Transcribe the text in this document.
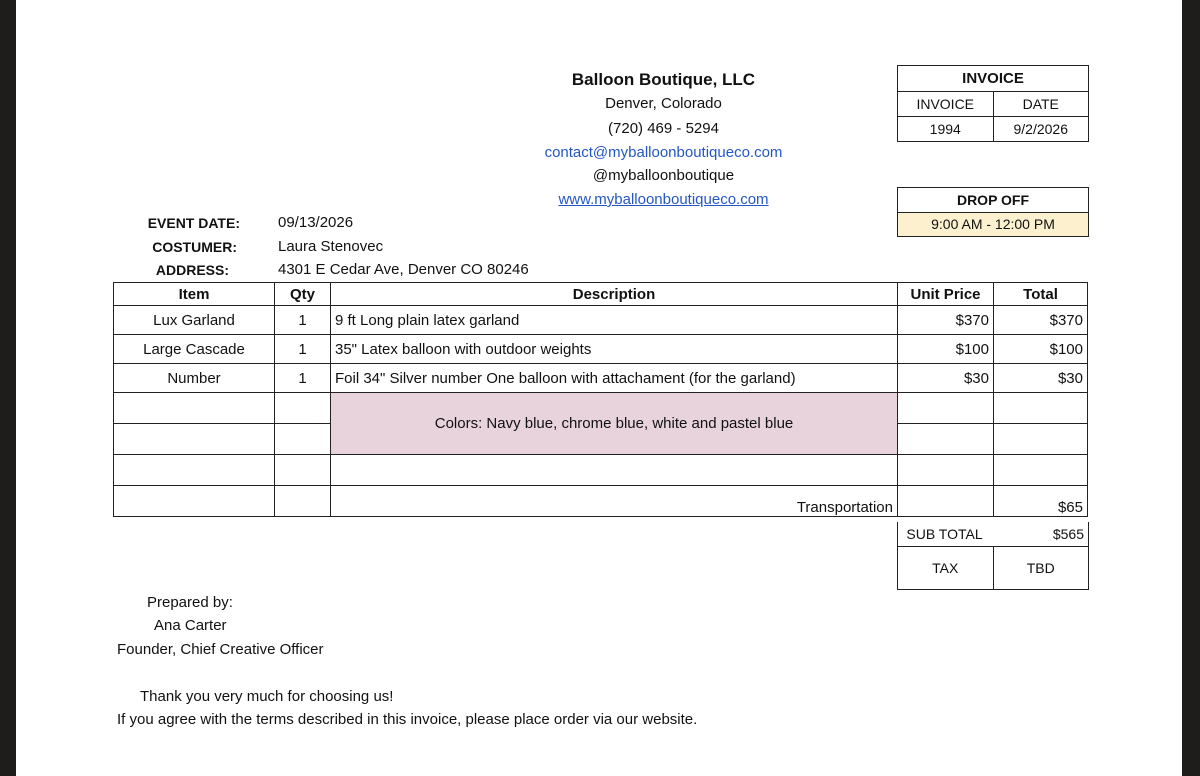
Balloon Boutique, LLC
Denver, Colorado
(720) 469 - 5294
contact@myballoonboutiqueco.com
@myballoonboutique
www.myballoonboutiqueco.com
INVOICE
INVOICE	DATE
1994	9/2/2026
DROP OFF
9:00 AM - 12:00 PM
EVENT DATE:	09/13/2026
COSTUMER:	Laura Stenovec
ADDRESS:	4301 E Cedar Ave, Denver CO 80246
Item	Qty	Description	Unit Price	Total
Lux Garland	1	9 ft Long plain latex garland	$370	$370
Large Cascade	1	35" Latex balloon with outdoor weights	$100	$100
Number	1	Foil 34" Silver number One balloon with attachament (for the garland)	$30	$30
		Colors: Navy blue, chrome blue, white and pastel blue		

		Transportation		$65
SUB TOTAL	$565
TAX	TBD
Prepared by:
Ana Carter
Founder, Chief Creative Officer
Thank you very much for choosing us!
If you agree with the terms described in this invoice, please place order via our website.
